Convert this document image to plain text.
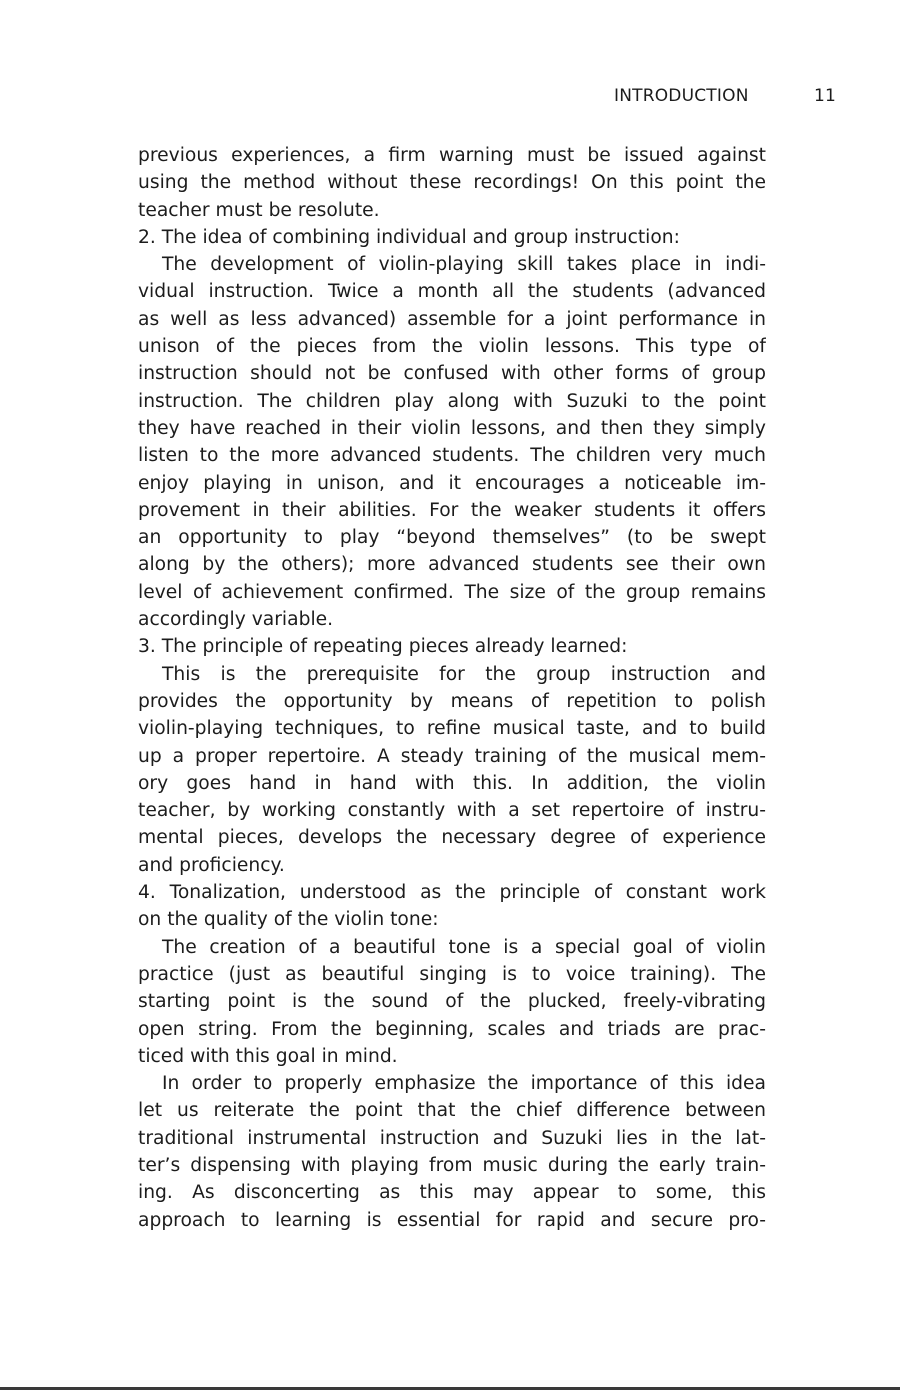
INTRODUCTION	11
previous experiences, a firm warning must be issued against
using the method without these recordings! On this point the
teacher must be resolute.
2. The idea of combining individual and group instruction:
The development of violin-playing skill takes place in indi-
vidual instruction. Twice a month all the students (advanced
as well as less advanced) assemble for a joint performance in
unison of the pieces from the violin lessons. This type of
instruction should not be confused with other forms of group
instruction. The children play along with Suzuki to the point
they have reached in their violin lessons, and then they simply
listen to the more advanced students. The children very much
enjoy playing in unison, and it encourages a noticeable im-
provement in their abilities. For the weaker students it offers
an opportunity to play “beyond themselves” (to be swept
along by the others); more advanced students see their own
level of achievement confirmed. The size of the group remains
accordingly variable.
3. The principle of repeating pieces already learned:
This is the prerequisite for the group instruction and
provides the opportunity by means of repetition to polish
violin-playing techniques, to refine musical taste, and to build
up a proper repertoire. A steady training of the musical mem-
ory goes hand in hand with this. In addition, the violin
teacher, by working constantly with a set repertoire of instru-
mental pieces, develops the necessary degree of experience
and proficiency.
4. Tonalization, understood as the principle of constant work
on the quality of the violin tone:
The creation of a beautiful tone is a special goal of violin
practice (just as beautiful singing is to voice training). The
starting point is the sound of the plucked, freely-vibrating
open string. From the beginning, scales and triads are prac-
ticed with this goal in mind.
In order to properly emphasize the importance of this idea
let us reiterate the point that the chief difference between
traditional instrumental instruction and Suzuki lies in the lat-
ter’s dispensing with playing from music during the early train-
ing. As disconcerting as this may appear to some, this
approach to learning is essential for rapid and secure pro-
